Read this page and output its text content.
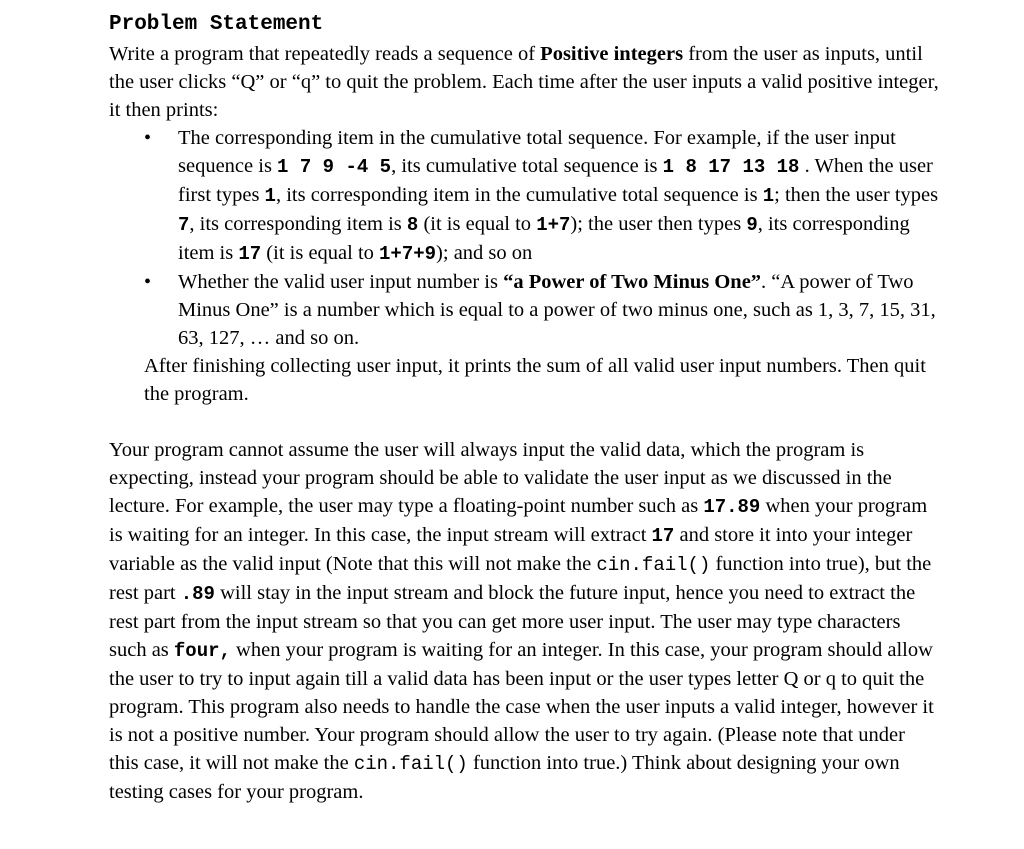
Problem Statement

Write a program that repeatedly reads a sequence of Positive integers from the user as inputs, until the user clicks “Q” or “q” to quit the problem. Each time after the user inputs a valid positive integer, it then prints:

• The corresponding item in the cumulative total sequence. For example, if the user input sequence is 1 7 9 -4 5, its cumulative total sequence is 1 8 17 13 18 . When the user first types 1, its corresponding item in the cumulative total sequence is 1; then the user types 7, its corresponding item is 8 (it is equal to 1+7); the user then types 9, its corresponding item is 17 (it is equal to 1+7+9); and so on
• Whether the valid user input number is “a Power of Two Minus One”. “A power of Two Minus One” is a number which is equal to a power of two minus one, such as 1, 3, 7, 15, 31, 63, 127, … and so on.

After finishing collecting user input, it prints the sum of all valid user input numbers. Then quit the program.

Your program cannot assume the user will always input the valid data, which the program is expecting, instead your program should be able to validate the user input as we discussed in the lecture. For example, the user may type a floating-point number such as 17.89 when your program is waiting for an integer. In this case, the input stream will extract 17 and store it into your integer variable as the valid input (Note that this will not make the cin.fail() function into true), but the rest part .89 will stay in the input stream and block the future input, hence you need to extract the rest part from the input stream so that you can get more user input. The user may type characters such as four, when your program is waiting for an integer. In this case, your program should allow the user to try to input again till a valid data has been input or the user types letter Q or q to quit the program. This program also needs to handle the case when the user inputs a valid integer, however it is not a positive number. Your program should allow the user to try again. (Please note that under this case, it will not make the cin.fail() function into true.) Think about designing your own testing cases for your program.
